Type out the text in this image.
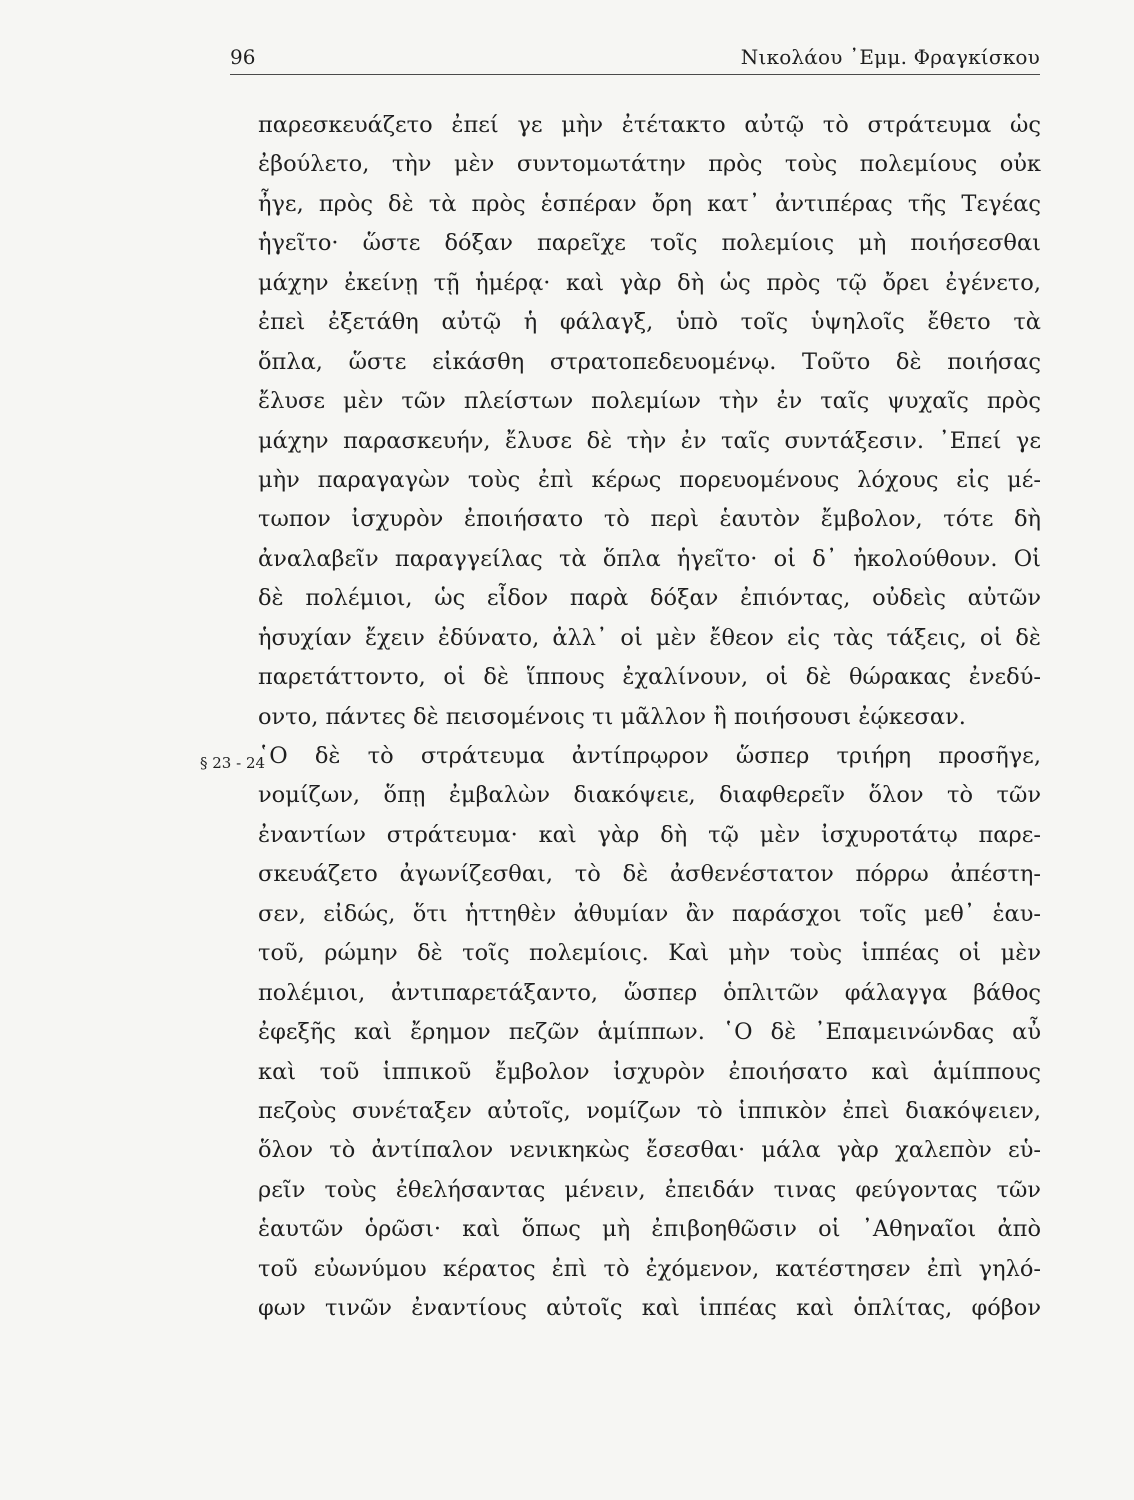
96	Νικολάου ᾿Εμμ. Φραγκίσκου
§ 23 - 24
παρεσκευάζετο ἐπεί γε μὴν ἐτέτακτο αὐτῷ τὸ στράτευμα ὡς
ἐβούλετο, τὴν μὲν συντομωτάτην πρὸς τοὺς πολεμίους οὐκ
ἦγε, πρὸς δὲ τὰ πρὸς ἑσπέραν ὄρη κατ᾿ ἀντιπέρας τῆς Τεγέας
ἡγεῖτο· ὥστε δόξαν παρεῖχε τοῖς πολεμίοις μὴ ποιήσεσθαι
μάχην ἐκείνῃ τῇ ἡμέρᾳ· καὶ γὰρ δὴ ὡς πρὸς τῷ ὄρει ἐγένετο,
ἐπεὶ ἐξετάθη αὐτῷ ἡ φάλαγξ, ὑπὸ τοῖς ὑψηλοῖς ἔθετο τὰ
ὅπλα, ὥστε εἰκάσθη στρατοπεδευομένῳ. Τοῦτο δὲ ποιήσας
ἔλυσε μὲν τῶν πλείστων πολεμίων τὴν ἐν ταῖς ψυχαῖς πρὸς
μάχην παρασκευήν, ἔλυσε δὲ τὴν ἐν ταῖς συντάξεσιν. ᾿Επεί γε
μὴν παραγαγὼν τοὺς ἐπὶ κέρως πορευομένους λόχους εἰς μέ-
τωπον ἰσχυρὸν ἐποιήσατο τὸ περὶ ἑαυτὸν ἔμβολον, τότε δὴ
ἀναλαβεῖν παραγγείλας τὰ ὅπλα ἡγεῖτο· οἱ δ᾿ ἠκολούθουν. Οἱ
δὲ πολέμιοι, ὡς εἶδον παρὰ δόξαν ἐπιόντας, οὐδεὶς αὐτῶν
ἡσυχίαν ἔχειν ἐδύνατο, ἀλλ᾿ οἱ μὲν ἔθεον εἰς τὰς τάξεις, οἱ δὲ
παρετάττοντο, οἱ δὲ ἵππους ἐχαλίνουν, οἱ δὲ θώρακας ἐνεδύ-
οντο, πάντες δὲ πεισομένοις τι μᾶλλον ἢ ποιήσουσι ἐῴκεσαν.
῾Ο δὲ τὸ στράτευμα ἀντίπρῳρον ὥσπερ τριήρη προσῆγε,
νομίζων, ὅπῃ ἐμβαλὼν διακόψειε, διαφθερεῖν ὅλον τὸ τῶν
ἐναντίων στράτευμα· καὶ γὰρ δὴ τῷ μὲν ἰσχυροτάτῳ παρε-
σκευάζετο ἀγωνίζεσθαι, τὸ δὲ ἀσθενέστατον πόρρω ἀπέστη-
σεν, εἰδώς, ὅτι ἡττηθὲν ἀθυμίαν ἂν παράσχοι τοῖς μεθ᾿ ἑαυ-
τοῦ, ρώμην δὲ τοῖς πολεμίοις. Καὶ μὴν τοὺς ἱππέας οἱ μὲν
πολέμιοι, ἀντιπαρετάξαντο, ὥσπερ ὁπλιτῶν φάλαγγα βάθος
ἐφεξῆς καὶ ἔρημον πεζῶν ἁμίππων. ῾Ο δὲ ᾿Επαμεινώνδας αὖ
καὶ τοῦ ἱππικοῦ ἔμβολον ἰσχυρὸν ἐποιήσατο καὶ ἁμίππους
πεζοὺς συνέταξεν αὐτοῖς, νομίζων τὸ ἱππικὸν ἐπεὶ διακόψειεν,
ὅλον τὸ ἀντίπαλον νενικηκὼς ἔσεσθαι· μάλα γὰρ χαλεπὸν εὑ-
ρεῖν τοὺς ἐθελήσαντας μένειν, ἐπειδάν τινας φεύγοντας τῶν
ἑαυτῶν ὁρῶσι· καὶ ὅπως μὴ ἐπιβοηθῶσιν οἱ ᾿Αθηναῖοι ἀπὸ
τοῦ εὐωνύμου κέρατος ἐπὶ τὸ ἐχόμενον, κατέστησεν ἐπὶ γηλό-
φων τινῶν ἐναντίους αὐτοῖς καὶ ἱππέας καὶ ὁπλίτας, φόβον
